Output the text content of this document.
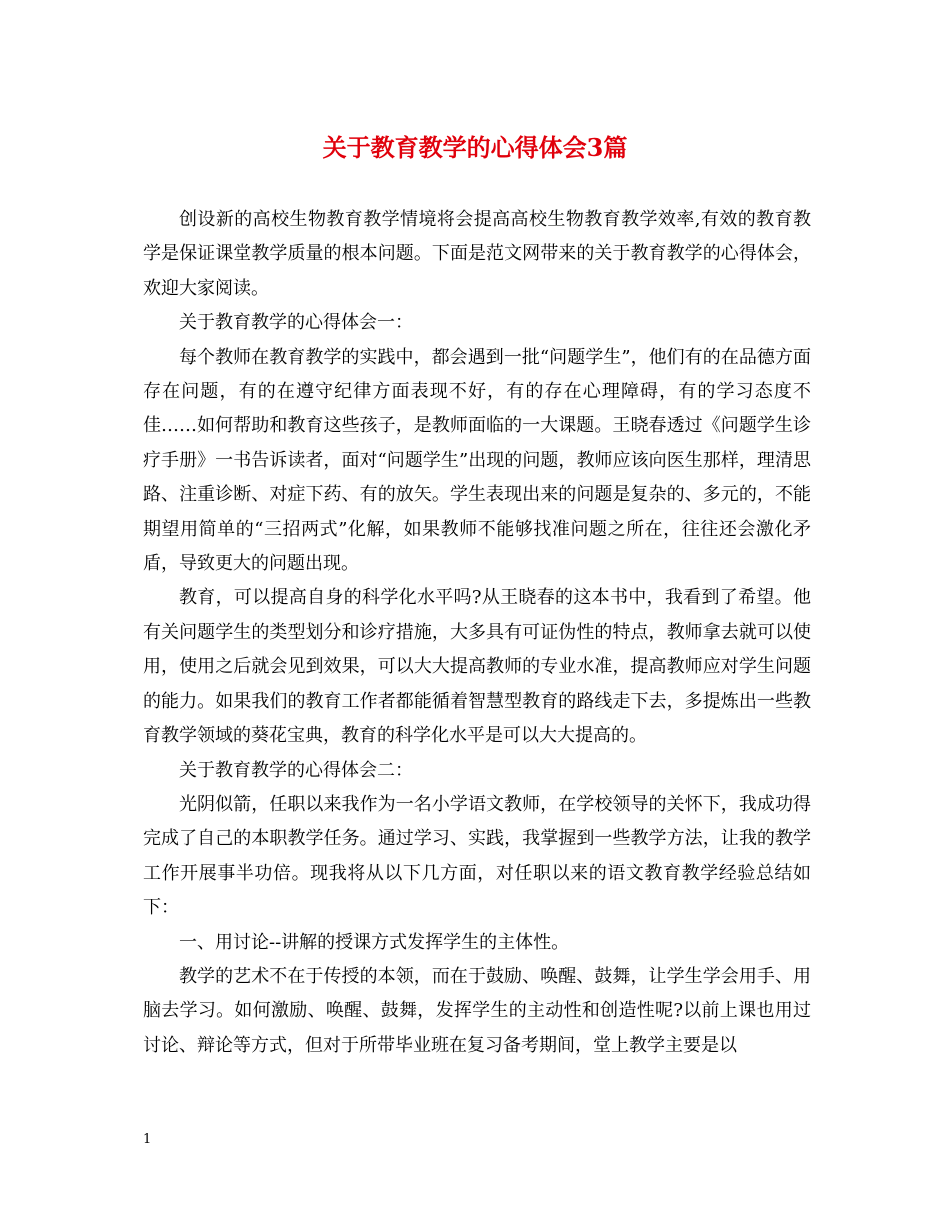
关于教育教学的心得体会3篇

创设新的高校生物教育教学情境将会提高高校生物教育教学效率,有效的教育教学是保证课堂教学质量的根本问题。下面是范文网带来的关于教育教学的心得体会，欢迎大家阅读。

关于教育教学的心得体会一：

每个教师在教育教学的实践中，都会遇到一批“问题学生”，他们有的在品德方面存在问题，有的在遵守纪律方面表现不好，有的存在心理障碍，有的学习态度不佳……如何帮助和教育这些孩子，是教师面临的一大课题。王晓春透过《问题学生诊疗手册》一书告诉读者，面对“问题学生”出现的问题，教师应该向医生那样，理清思路、注重诊断、对症下药、有的放矢。学生表现出来的问题是复杂的、多元的，不能期望用简单的“三招两式”化解，如果教师不能够找准问题之所在，往往还会激化矛盾，导致更大的问题出现。

教育，可以提高自身的科学化水平吗?从王晓春的这本书中，我看到了希望。他有关问题学生的类型划分和诊疗措施，大多具有可证伪性的特点，教师拿去就可以使用，使用之后就会见到效果，可以大大提高教师的专业水准，提高教师应对学生问题的能力。如果我们的教育工作者都能循着智慧型教育的路线走下去，多提炼出一些教育教学领域的葵花宝典，教育的科学化水平是可以大大提高的。

关于教育教学的心得体会二：

光阴似箭，任职以来我作为一名小学语文教师，在学校领导的关怀下，我成功得完成了自己的本职教学任务。通过学习、实践，我掌握到一些教学方法，让我的教学工作开展事半功倍。现我将从以下几方面，对任职以来的语文教育教学经验总结如下：

一、用讨论--讲解的授课方式发挥学生的主体性。

教学的艺术不在于传授的本领，而在于鼓励、唤醒、鼓舞，让学生学会用手、用脑去学习。如何激励、唤醒、鼓舞，发挥学生的主动性和创造性呢?以前上课也用过讨论、辩论等方式，但对于所带毕业班在复习备考期间，堂上教学主要是以

1
